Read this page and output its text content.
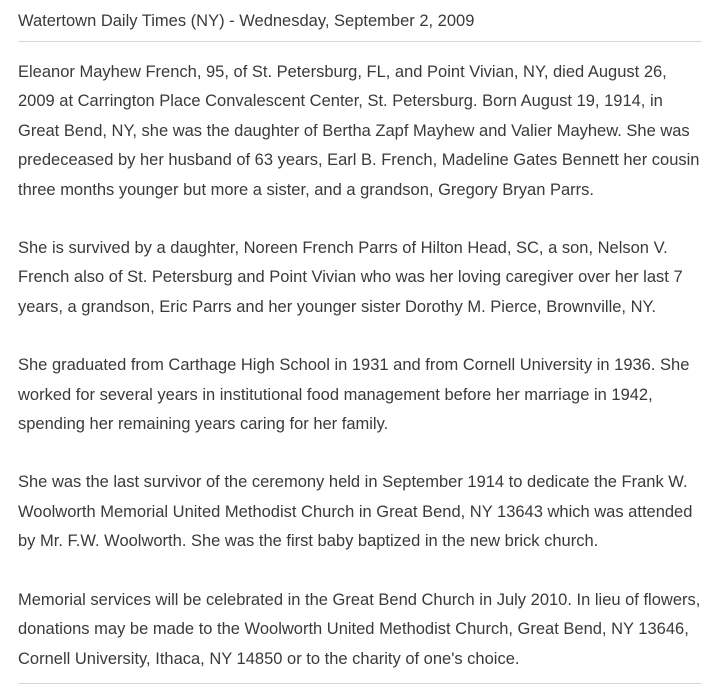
Watertown Daily Times (NY) - Wednesday, September 2, 2009

Eleanor Mayhew French, 95, of St. Petersburg, FL, and Point Vivian, NY, died August 26, 2009 at Carrington Place Convalescent Center, St. Petersburg. Born August 19, 1914, in Great Bend, NY, she was the daughter of Bertha Zapf Mayhew and Valier Mayhew. She was predeceased by her husband of 63 years, Earl B. French, Madeline Gates Bennett her cousin three months younger but more a sister, and a grandson, Gregory Bryan Parrs.

She is survived by a daughter, Noreen French Parrs of Hilton Head, SC, a son, Nelson V. French also of St. Petersburg and Point Vivian who was her loving caregiver over her last 7 years, a grandson, Eric Parrs and her younger sister Dorothy M. Pierce, Brownville, NY.

She graduated from Carthage High School in 1931 and from Cornell University in 1936. She worked for several years in institutional food management before her marriage in 1942, spending her remaining years caring for her family.

She was the last survivor of the ceremony held in September 1914 to dedicate the Frank W. Woolworth Memorial United Methodist Church in Great Bend, NY 13643 which was attended by Mr. F.W. Woolworth. She was the first baby baptized in the new brick church.

Memorial services will be celebrated in the Great Bend Church in July 2010. In lieu of flowers, donations may be made to the Woolworth United Methodist Church, Great Bend, NY 13646, Cornell University, Ithaca, NY 14850 or to the charity of one's choice.
